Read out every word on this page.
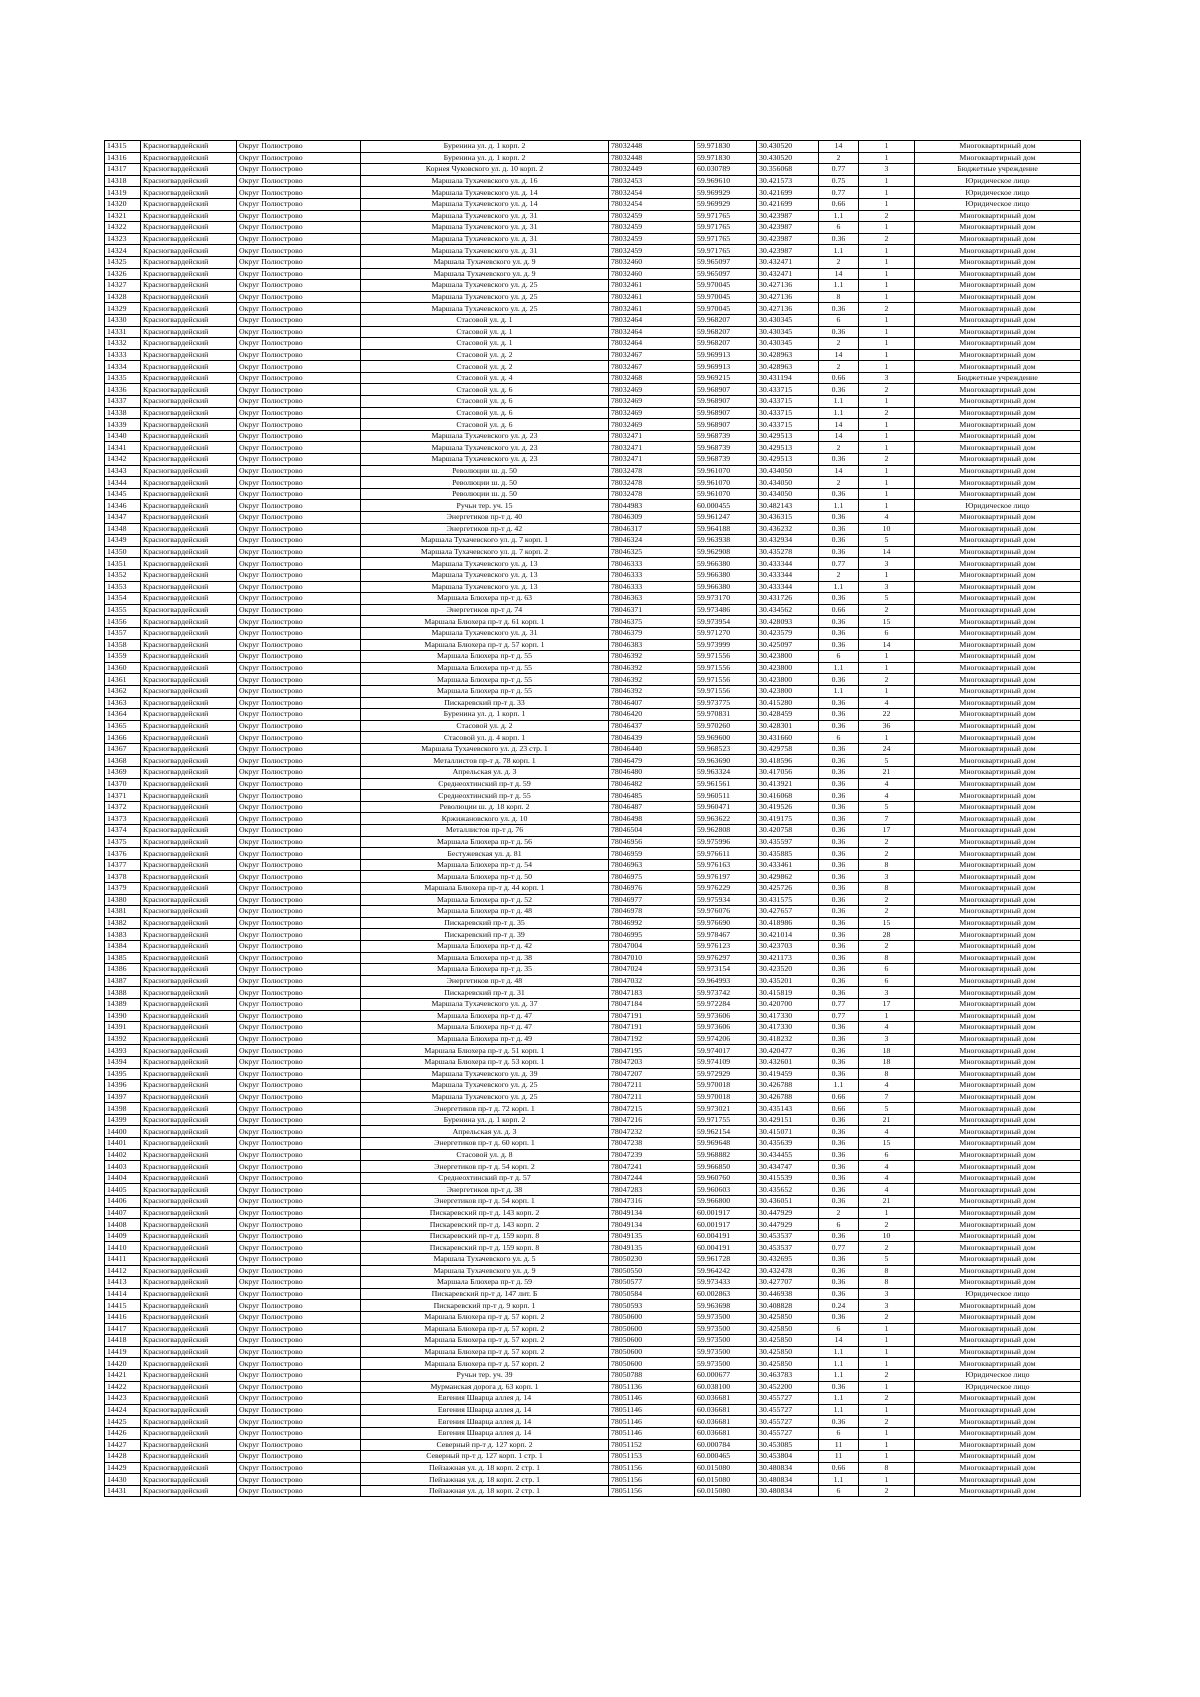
14315	Красногвардейский	Округ Полюстрово	Буренина ул. д. 1 корп. 2	78032448	59.971830	30.430520	14	1	Многоквартирный дом
14316	Красногвардейский	Округ Полюстрово	Буренина ул. д. 1 корп. 2	78032448	59.971830	30.430520	2	1	Многоквартирный дом
14317	Красногвардейский	Округ Полюстрово	Корнея Чуковского ул. д. 10 корп. 2	78032449	60.030789	30.356068	0.77	3	Бюджетные учреждение
14318	Красногвардейский	Округ Полюстрово	Маршала Тухачевского ул. д. 16	78032453	59.969610	30.421573	0.75	1	Юридическое лицо
14319	Красногвардейский	Округ Полюстрово	Маршала Тухачевского ул. д. 14	78032454	59.969929	30.421699	0.77	1	Юридическое лицо
14320	Красногвардейский	Округ Полюстрово	Маршала Тухачевского ул. д. 14	78032454	59.969929	30.421699	0.66	1	Юридическое лицо
14321	Красногвардейский	Округ Полюстрово	Маршала Тухачевского ул. д. 31	78032459	59.971765	30.423987	1.1	2	Многоквартирный дом
14322	Красногвардейский	Округ Полюстрово	Маршала Тухачевского ул. д. 31	78032459	59.971765	30.423987	6	1	Многоквартирный дом
14323	Красногвардейский	Округ Полюстрово	Маршала Тухачевского ул. д. 31	78032459	59.971765	30.423987	0.36	2	Многоквартирный дом
14324	Красногвардейский	Округ Полюстрово	Маршала Тухачевского ул. д. 31	78032459	59.971765	30.423987	1.1	1	Многоквартирный дом
14325	Красногвардейский	Округ Полюстрово	Маршала Тухачевского ул. д. 9	78032460	59.965097	30.432471	2	1	Многоквартирный дом
14326	Красногвардейский	Округ Полюстрово	Маршала Тухачевского ул. д. 9	78032460	59.965097	30.432471	14	1	Многоквартирный дом
14327	Красногвардейский	Округ Полюстрово	Маршала Тухачевского ул. д. 25	78032461	59.970045	30.427136	1.1	1	Многоквартирный дом
14328	Красногвардейский	Округ Полюстрово	Маршала Тухачевского ул. д. 25	78032461	59.970045	30.427136	8	1	Многоквартирный дом
14329	Красногвардейский	Округ Полюстрово	Маршала Тухачевского ул. д. 25	78032461	59.970045	30.427136	0.36	2	Многоквартирный дом
14330	Красногвардейский	Округ Полюстрово	Стасовой ул. д. 1	78032464	59.968207	30.430345	6	1	Многоквартирный дом
14331	Красногвардейский	Округ Полюстрово	Стасовой ул. д. 1	78032464	59.968207	30.430345	0.36	1	Многоквартирный дом
14332	Красногвардейский	Округ Полюстрово	Стасовой ул. д. 1	78032464	59.968207	30.430345	2	1	Многоквартирный дом
14333	Красногвардейский	Округ Полюстрово	Стасовой ул. д. 2	78032467	59.969913	30.428963	14	1	Многоквартирный дом
14334	Красногвардейский	Округ Полюстрово	Стасовой ул. д. 2	78032467	59.969913	30.428963	2	1	Многоквартирный дом
14335	Красногвардейский	Округ Полюстрово	Стасовой ул. д. 4	78032468	59.969215	30.431194	0.66	3	Бюджетные учреждение
14336	Красногвардейский	Округ Полюстрово	Стасовой ул. д. 6	78032469	59.968907	30.433715	0.36	2	Многоквартирный дом
14337	Красногвардейский	Округ Полюстрово	Стасовой ул. д. 6	78032469	59.968907	30.433715	1.1	1	Многоквартирный дом
14338	Красногвардейский	Округ Полюстрово	Стасовой ул. д. 6	78032469	59.968907	30.433715	1.1	2	Многоквартирный дом
14339	Красногвардейский	Округ Полюстрово	Стасовой ул. д. 6	78032469	59.968907	30.433715	14	1	Многоквартирный дом
14340	Красногвардейский	Округ Полюстрово	Маршала Тухачевского ул. д. 23	78032471	59.968739	30.429513	14	1	Многоквартирный дом
14341	Красногвардейский	Округ Полюстрово	Маршала Тухачевского ул. д. 23	78032471	59.968739	30.429513	2	1	Многоквартирный дом
14342	Красногвардейский	Округ Полюстрово	Маршала Тухачевского ул. д. 23	78032471	59.968739	30.429513	0.36	2	Многоквартирный дом
14343	Красногвардейский	Округ Полюстрово	Революции ш. д. 50	78032478	59.961070	30.434050	14	1	Многоквартирный дом
14344	Красногвардейский	Округ Полюстрово	Революции ш. д. 50	78032478	59.961070	30.434050	2	1	Многоквартирный дом
14345	Красногвардейский	Округ Полюстрово	Революции ш. д. 50	78032478	59.961070	30.434050	0.36	1	Многоквартирный дом
14346	Красногвардейский	Округ Полюстрово	Ручьи тер. уч. 15	78044983	60.000455	30.482143	1.1	1	Юридическое лицо
14347	Красногвардейский	Округ Полюстрово	Энергетиков пр-т д. 40	78046309	59.961247	30.436315	0.36	4	Многоквартирный дом
14348	Красногвардейский	Округ Полюстрово	Энергетиков пр-т д. 42	78046317	59.964188	30.436232	0.36	10	Многоквартирный дом
14349	Красногвардейский	Округ Полюстрово	Маршала Тухачевского ул. д. 7 корп. 1	78046324	59.963938	30.432934	0.36	5	Многоквартирный дом
14350	Красногвардейский	Округ Полюстрово	Маршала Тухачевского ул. д. 7 корп. 2	78046325	59.962908	30.435278	0.36	14	Многоквартирный дом
14351	Красногвардейский	Округ Полюстрово	Маршала Тухачевского ул. д. 13	78046333	59.966380	30.433344	0.77	3	Многоквартирный дом
14352	Красногвардейский	Округ Полюстрово	Маршала Тухачевского ул. д. 13	78046333	59.966380	30.433344	2	1	Многоквартирный дом
14353	Красногвардейский	Округ Полюстрово	Маршала Тухачевского ул. д. 13	78046333	59.966380	30.433344	1.1	3	Многоквартирный дом
14354	Красногвардейский	Округ Полюстрово	Маршала Блюхера пр-т д. 63	78046363	59.973170	30.431726	0.36	5	Многоквартирный дом
14355	Красногвардейский	Округ Полюстрово	Энергетиков пр-т д. 74	78046371	59.973486	30.434562	0.66	2	Многоквартирный дом
14356	Красногвардейский	Округ Полюстрово	Маршала Блюхера пр-т д. 61 корп. 1	78046375	59.973954	30.428093	0.36	15	Многоквартирный дом
14357	Красногвардейский	Округ Полюстрово	Маршала Тухачевского ул. д. 31	78046379	59.971270	30.423579	0.36	6	Многоквартирный дом
14358	Красногвардейский	Округ Полюстрово	Маршала Блюхера пр-т д. 57 корп. 1	78046383	59.973999	30.425097	0.36	14	Многоквартирный дом
14359	Красногвардейский	Округ Полюстрово	Маршала Блюхера пр-т д. 55	78046392	59.971556	30.423800	6	1	Многоквартирный дом
14360	Красногвардейский	Округ Полюстрово	Маршала Блюхера пр-т д. 55	78046392	59.971556	30.423800	1.1	1	Многоквартирный дом
14361	Красногвардейский	Округ Полюстрово	Маршала Блюхера пр-т д. 55	78046392	59.971556	30.423800	0.36	2	Многоквартирный дом
14362	Красногвардейский	Округ Полюстрово	Маршала Блюхера пр-т д. 55	78046392	59.971556	30.423800	1.1	1	Многоквартирный дом
14363	Красногвардейский	Округ Полюстрово	Пискаревский пр-т д. 33	78046407	59.973775	30.415280	0.36	4	Многоквартирный дом
14364	Красногвардейский	Округ Полюстрово	Буренина ул. д. 1 корп. 1	78046420	59.970831	30.428459	0.36	22	Многоквартирный дом
14365	Красногвардейский	Округ Полюстрово	Стасовой ул. д. 2	78046437	59.970260	30.428301	0.36	36	Многоквартирный дом
14366	Красногвардейский	Округ Полюстрово	Стасовой ул. д. 4 корп. 1	78046439	59.969600	30.431660	6	1	Многоквартирный дом
14367	Красногвардейский	Округ Полюстрово	Маршала Тухачевского ул. д. 23 стр. 1	78046440	59.968523	30.429758	0.36	24	Многоквартирный дом
14368	Красногвардейский	Округ Полюстрово	Металлистов пр-т д. 78 корп. 1	78046479	59.963690	30.418596	0.36	5	Многоквартирный дом
14369	Красногвардейский	Округ Полюстрово	Апрельская ул. д. 3	78046480	59.963324	30.417056	0.36	21	Многоквартирный дом
14370	Красногвардейский	Округ Полюстрово	Среднеохтинский пр-т д. 59	78046482	59.961561	30.413921	0.36	4	Многоквартирный дом
14371	Красногвардейский	Округ Полюстрово	Среднеохтинский пр-т д. 55	78046485	59.960511	30.416068	0.36	4	Многоквартирный дом
14372	Красногвардейский	Округ Полюстрово	Революции ш. д. 18 корп. 2	78046487	59.960471	30.419526	0.36	5	Многоквартирный дом
14373	Красногвардейский	Округ Полюстрово	Кржижановского ул. д. 10	78046498	59.963622	30.419175	0.36	7	Многоквартирный дом
14374	Красногвардейский	Округ Полюстрово	Металлистов пр-т д. 76	78046504	59.962808	30.420758	0.36	17	Многоквартирный дом
14375	Красногвардейский	Округ Полюстрово	Маршала Блюхера пр-т д. 56	78046956	59.975996	30.435597	0.36	2	Многоквартирный дом
14376	Красногвардейский	Округ Полюстрово	Бестужевская ул. д. 81	78046959	59.976611	30.435885	0.36	2	Многоквартирный дом
14377	Красногвардейский	Округ Полюстрово	Маршала Блюхера пр-т д. 54	78046963	59.976163	30.433461	0.36	8	Многоквартирный дом
14378	Красногвардейский	Округ Полюстрово	Маршала Блюхера пр-т д. 50	78046975	59.976197	30.429862	0.36	3	Многоквартирный дом
14379	Красногвардейский	Округ Полюстрово	Маршала Блюхера пр-т д. 44 корп. 1	78046976	59.976229	30.425726	0.36	8	Многоквартирный дом
14380	Красногвардейский	Округ Полюстрово	Маршала Блюхера пр-т д. 52	78046977	59.975934	30.431575	0.36	2	Многоквартирный дом
14381	Красногвардейский	Округ Полюстрово	Маршала Блюхера пр-т д. 48	78046978	59.976076	30.427657	0.36	2	Многоквартирный дом
14382	Красногвардейский	Округ Полюстрово	Пискаревский пр-т д. 35	78046992	59.976690	30.418986	0.36	15	Многоквартирный дом
14383	Красногвардейский	Округ Полюстрово	Пискаревский пр-т д. 39	78046995	59.978467	30.421014	0.36	28	Многоквартирный дом
14384	Красногвардейский	Округ Полюстрово	Маршала Блюхера пр-т д. 42	78047004	59.976123	30.423703	0.36	2	Многоквартирный дом
14385	Красногвардейский	Округ Полюстрово	Маршала Блюхера пр-т д. 38	78047010	59.976297	30.421173	0.36	8	Многоквартирный дом
14386	Красногвардейский	Округ Полюстрово	Маршала Блюхера пр-т д. 35	78047024	59.973154	30.423520	0.36	6	Многоквартирный дом
14387	Красногвардейский	Округ Полюстрово	Энергетиков пр-т д. 48	78047032	59.964993	30.435201	0.36	6	Многоквартирный дом
14388	Красногвардейский	Округ Полюстрово	Пискаревский пр-т д. 31	78047183	59.973742	30.415819	0.36	3	Многоквартирный дом
14389	Красногвардейский	Округ Полюстрово	Маршала Тухачевского ул. д. 37	78047184	59.972284	30.420700	0.77	17	Многоквартирный дом
14390	Красногвардейский	Округ Полюстрово	Маршала Блюхера пр-т д. 47	78047191	59.973606	30.417330	0.77	1	Многоквартирный дом
14391	Красногвардейский	Округ Полюстрово	Маршала Блюхера пр-т д. 47	78047191	59.973606	30.417330	0.36	4	Многоквартирный дом
14392	Красногвардейский	Округ Полюстрово	Маршала Блюхера пр-т д. 49	78047192	59.974206	30.418232	0.36	3	Многоквартирный дом
14393	Красногвардейский	Округ Полюстрово	Маршала Блюхера пр-т д. 51 корп. 1	78047195	59.974017	30.420477	0.36	18	Многоквартирный дом
14394	Красногвардейский	Округ Полюстрово	Маршала Блюхера пр-т д. 53 корп. 1	78047203	59.974109	30.432601	0.36	18	Многоквартирный дом
14395	Красногвардейский	Округ Полюстрово	Маршала Тухачевского ул. д. 39	78047207	59.972929	30.419459	0.36	8	Многоквартирный дом
14396	Красногвардейский	Округ Полюстрово	Маршала Тухачевского ул. д. 25	78047211	59.970018	30.426788	1.1	4	Многоквартирный дом
14397	Красногвардейский	Округ Полюстрово	Маршала Тухачевского ул. д. 25	78047211	59.970018	30.426788	0.66	7	Многоквартирный дом
14398	Красногвардейский	Округ Полюстрово	Энергетиков пр-т д. 72 корп. 1	78047215	59.973021	30.435143	0.66	5	Многоквартирный дом
14399	Красногвардейский	Округ Полюстрово	Буренина ул. д. 1 корп. 2	78047216	59.971755	30.429151	0.36	21	Многоквартирный дом
14400	Красногвардейский	Округ Полюстрово	Апрельская ул. д. 3	78047232	59.962154	30.415071	0.36	4	Многоквартирный дом
14401	Красногвардейский	Округ Полюстрово	Энергетиков пр-т д. 60 корп. 1	78047238	59.969648	30.435639	0.36	15	Многоквартирный дом
14402	Красногвардейский	Округ Полюстрово	Стасовой ул. д. 8	78047239	59.968882	30.434455	0.36	6	Многоквартирный дом
14403	Красногвардейский	Округ Полюстрово	Энергетиков пр-т д. 54 корп. 2	78047241	59.966850	30.434747	0.36	4	Многоквартирный дом
14404	Красногвардейский	Округ Полюстрово	Среднеохтинский пр-т д. 57	78047244	59.960760	30.415539	0.36	4	Многоквартирный дом
14405	Красногвардейский	Округ Полюстрово	Энергетиков пр-т д. 38	78047283	59.960603	30.435652	0.36	4	Многоквартирный дом
14406	Красногвардейский	Округ Полюстрово	Энергетиков пр-т д. 54 корп. 1	78047316	59.966800	30.436051	0.36	21	Многоквартирный дом
14407	Красногвардейский	Округ Полюстрово	Пискаревский пр-т д. 143 корп. 2	78049134	60.001917	30.447929	2	1	Многоквартирный дом
14408	Красногвардейский	Округ Полюстрово	Пискаревский пр-т д. 143 корп. 2	78049134	60.001917	30.447929	6	2	Многоквартирный дом
14409	Красногвардейский	Округ Полюстрово	Пискаревский пр-т д. 159 корп. 8	78049135	60.004191	30.453537	0.36	10	Многоквартирный дом
14410	Красногвардейский	Округ Полюстрово	Пискаревский пр-т д. 159 корп. 8	78049135	60.004191	30.453537	0.77	2	Многоквартирный дом
14411	Красногвардейский	Округ Полюстрово	Маршала Тухачевского ул. д. 5	78050230	59.961728	30.432695	0.36	5	Многоквартирный дом
14412	Красногвардейский	Округ Полюстрово	Маршала Тухачевского ул. д. 9	78050550	59.964242	30.432478	0.36	8	Многоквартирный дом
14413	Красногвардейский	Округ Полюстрово	Маршала Блюхера пр-т д. 59	78050577	59.973433	30.427707	0.36	8	Многоквартирный дом
14414	Красногвардейский	Округ Полюстрово	Пискаревский пр-т д. 147 лит. Б	78050584	60.002863	30.446938	0.36	3	Юридическое лицо
14415	Красногвардейский	Округ Полюстрово	Пискаревский пр-т д. 9 корп. 1	78050593	59.963698	30.408828	0.24	3	Многоквартирный дом
14416	Красногвардейский	Округ Полюстрово	Маршала Блюхера пр-т д. 57 корп. 2	78050600	59.973500	30.425850	0.36	2	Многоквартирный дом
14417	Красногвардейский	Округ Полюстрово	Маршала Блюхера пр-т д. 57 корп. 2	78050600	59.973500	30.425850	6	1	Многоквартирный дом
14418	Красногвардейский	Округ Полюстрово	Маршала Блюхера пр-т д. 57 корп. 2	78050600	59.973500	30.425850	14	1	Многоквартирный дом
14419	Красногвардейский	Округ Полюстрово	Маршала Блюхера пр-т д. 57 корп. 2	78050600	59.973500	30.425850	1.1	1	Многоквартирный дом
14420	Красногвардейский	Округ Полюстрово	Маршала Блюхера пр-т д. 57 корп. 2	78050600	59.973500	30.425850	1.1	1	Многоквартирный дом
14421	Красногвардейский	Округ Полюстрово	Ручьи тер. уч. 39	78050788	60.000677	30.463783	1.1	2	Юридическое лицо
14422	Красногвардейский	Округ Полюстрово	Мурманская дорога д. 63 корп. 1	78051136	60.038100	30.452200	0.36	1	Юридическое лицо
14423	Красногвардейский	Округ Полюстрово	Евгения Шварца аллея д. 14	78051146	60.036681	30.455727	1.1	2	Многоквартирный дом
14424	Красногвардейский	Округ Полюстрово	Евгения Шварца аллея д. 14	78051146	60.036681	30.455727	1.1	1	Многоквартирный дом
14425	Красногвардейский	Округ Полюстрово	Евгения Шварца аллея д. 14	78051146	60.036681	30.455727	0.36	2	Многоквартирный дом
14426	Красногвардейский	Округ Полюстрово	Евгения Шварца аллея д. 14	78051146	60.036681	30.455727	6	1	Многоквартирный дом
14427	Красногвардейский	Округ Полюстрово	Северный пр-т д. 127 корп. 2	78051152	60.000784	30.453085	11	1	Многоквартирный дом
14428	Красногвардейский	Округ Полюстрово	Северный пр-т д. 127 корп. 1 стр. 1	78051153	60.000465	30.453804	11	1	Многоквартирный дом
14429	Красногвардейский	Округ Полюстрово	Пейзажная ул. д. 18 корп. 2 стр. 1	78051156	60.015080	30.480834	0.66	8	Многоквартирный дом
14430	Красногвардейский	Округ Полюстрово	Пейзажная ул. д. 18 корп. 2 стр. 1	78051156	60.015080	30.480834	1.1	1	Многоквартирный дом
14431	Красногвардейский	Округ Полюстрово	Пейзажная ул. д. 18 корп. 2 стр. 1	78051156	60.015080	30.480834	6	2	Многоквартирный дом
